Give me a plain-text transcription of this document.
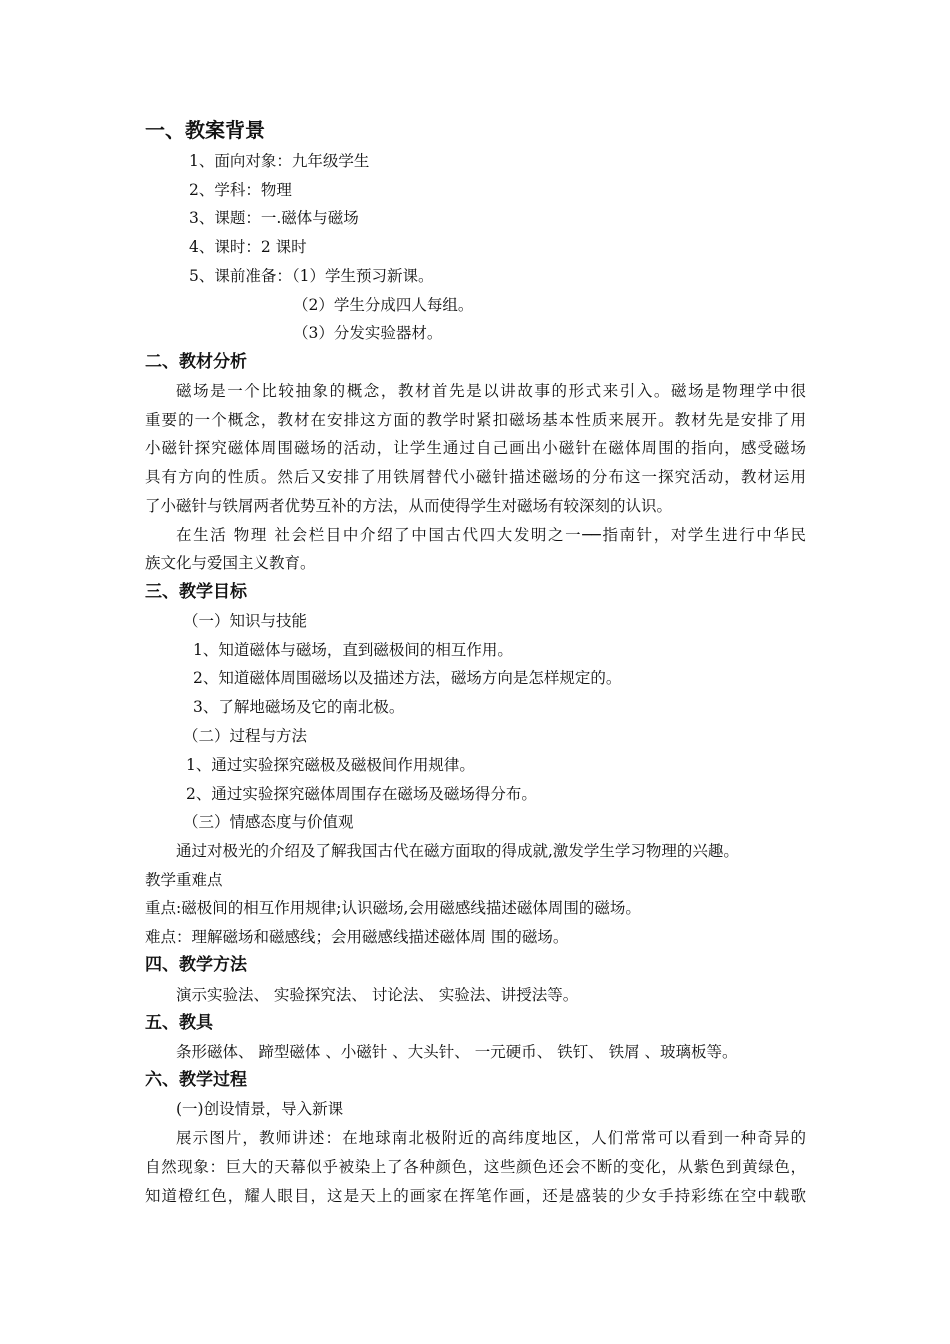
一、教案背景
1、面向对象：九年级学生
2、学科：物理
3、课题：一.磁体与磁场
4、课时：2 课时
5、课前准备：（1）学生预习新课。
（2）学生分成四人每组。
（3）分发实验器材。
二、教材分析
磁场是一个比较抽象的概念，教材首先是以讲故事的形式来引入。磁场是物理学中很
重要的一个概念，教材在安排这方面的教学时紧扣磁场基本性质来展开。教材先是安排了用
小磁针探究磁体周围磁场的活动，让学生通过自己画出小磁针在磁体周围的指向，感受磁场
具有方向的性质。然后又安排了用铁屑替代小磁针描述磁场的分布这一探究活动，教材运用
了小磁针与铁屑两者优势互补的方法，从而使得学生对磁场有较深刻的认识。
在生活 物理 社会栏目中介绍了中国古代四大发明之一──指南针，对学生进行中华民
族文化与爱国主义教育。
三、教学目标
（一）知识与技能
1、知道磁体与磁场，直到磁极间的相互作用。
2、知道磁体周围磁场以及描述方法，磁场方向是怎样规定的。
3、了解地磁场及它的南北极。
（二）过程与方法
1、通过实验探究磁极及磁极间作用规律。
2、通过实验探究磁体周围存在磁场及磁场得分布。
（三）情感态度与价值观
通过对极光的介绍及了解我国古代在磁方面取的得成就,激发学生学习物理的兴趣。
教学重难点
重点:磁极间的相互作用规律;认识磁场,会用磁感线描述磁体周围的磁场。
难点：理解磁场和磁感线；会用磁感线描述磁体周 围的磁场。
四、教学方法
演示实验法、 实验探究法、 讨论法、 实验法、讲授法等。
五、教具
条形磁体、 蹄型磁体 、小磁针 、大头针、 一元硬币、 铁钉、 铁屑 、玻璃板等。
六、教学过程
(一)创设情景，导入新课
展示图片，教师讲述：在地球南北极附近的高纬度地区，人们常常可以看到一种奇异的
自然现象：巨大的天幕似乎被染上了各种颜色，这些颜色还会不断的变化，从紫色到黄绿色，
知道橙红色，耀人眼目，这是天上的画家在挥笔作画，还是盛装的少女手持彩练在空中载歌
